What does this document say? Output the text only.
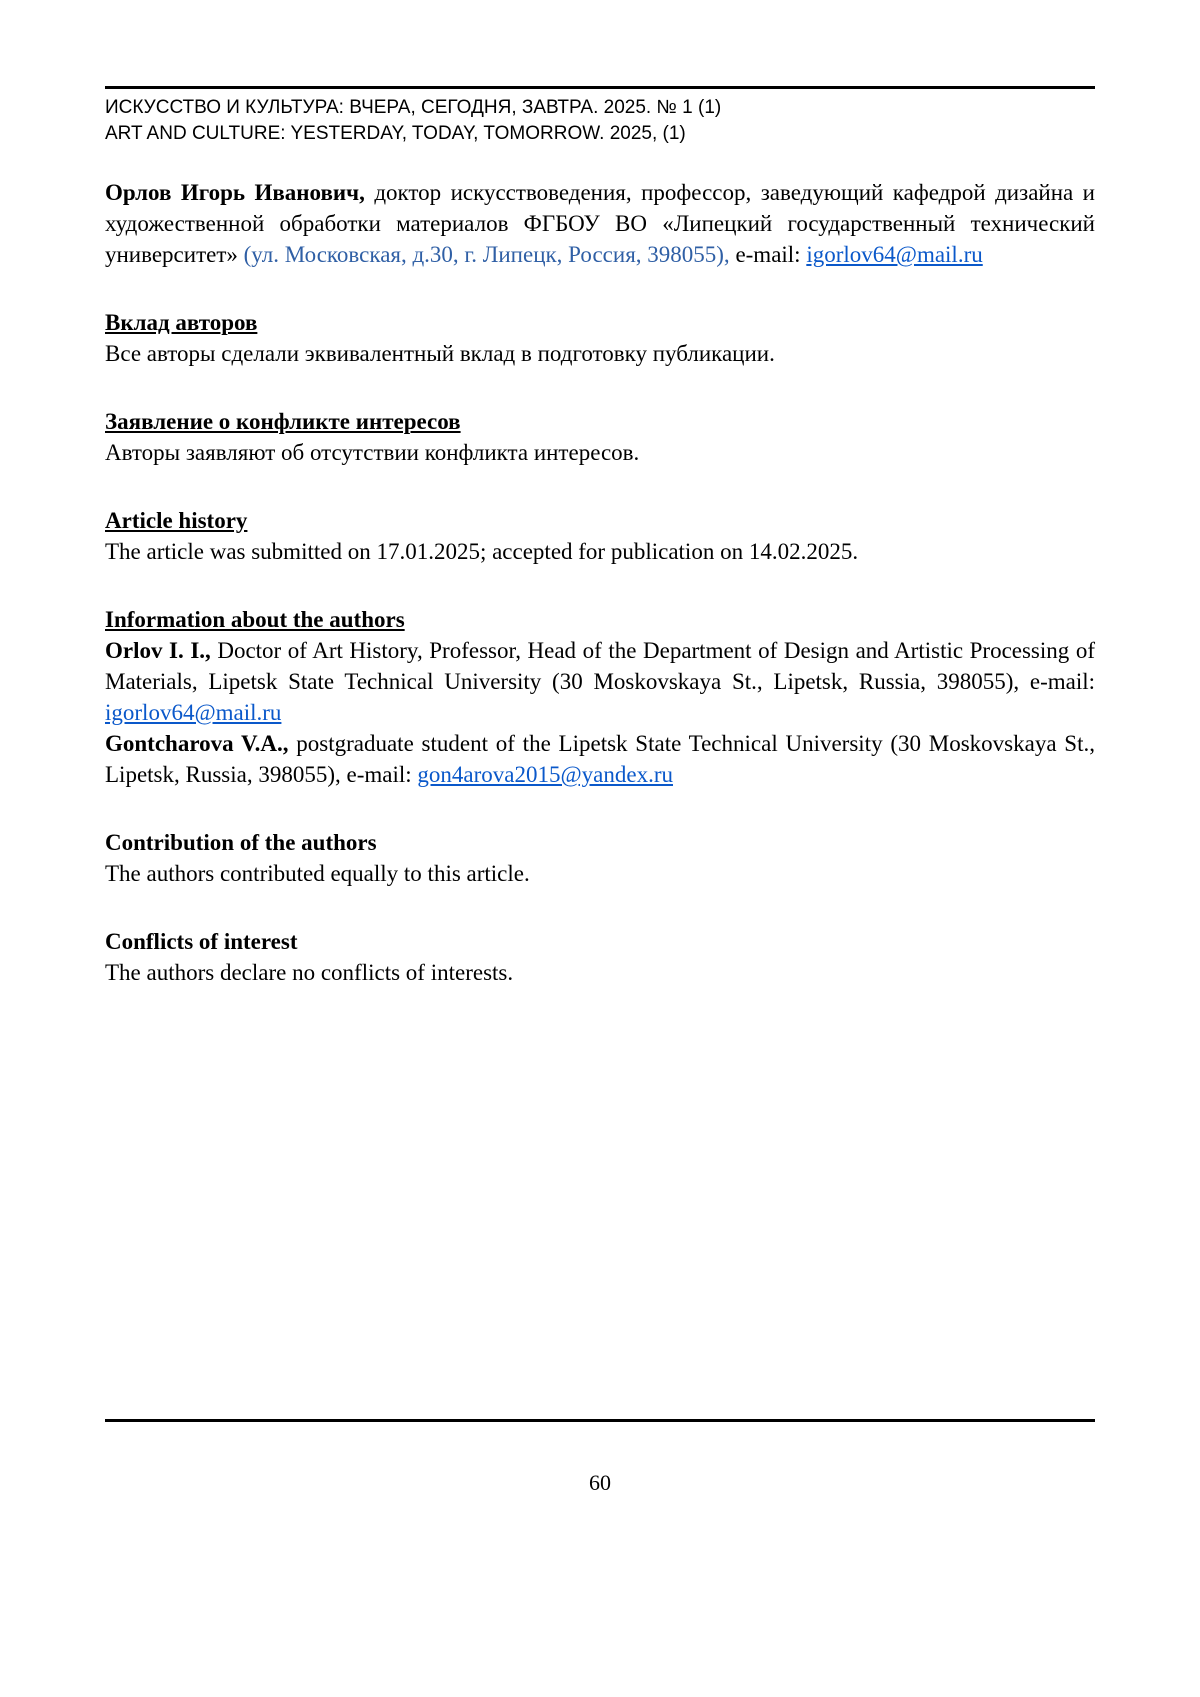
ИСКУССТВО И КУЛЬТУРА: ВЧЕРА, СЕГОДНЯ, ЗАВТРА. 2025. № 1 (1)
ART AND CULTURE: YESTERDAY, TODAY, TOMORROW. 2025, (1)

Орлов Игорь Иванович, доктор искусствоведения, профессор, заведующий кафедрой дизайна и художественной обработки материалов ФГБОУ ВО «Липецкий государственный технический университет» (ул. Московская, д.30, г. Липецк, Россия, 398055), e-mail: igorlov64@mail.ru

Вклад авторов

Все авторы сделали эквивалентный вклад в подготовку публикации.

Заявление о конфликте интересов

Авторы заявляют об отсутствии конфликта интересов.

Article history

The article was submitted on 17.01.2025; accepted for publication on 14.02.2025.

Information about the authors

Orlov I. I., Doctor of Art History, Professor, Head of the Department of Design and Artistic Processing of Materials, Lipetsk State Technical University (30 Moskovskaya St., Lipetsk, Russia, 398055), e-mail: igorlov64@mail.ru

Gontcharova V.A., postgraduate student of the Lipetsk State Technical University (30 Moskovskaya St., Lipetsk, Russia, 398055), e-mail: gon4arova2015@yandex.ru

Contribution of the authors

The authors contributed equally to this article.

Conflicts of interest

The authors declare no conflicts of interests.

60
